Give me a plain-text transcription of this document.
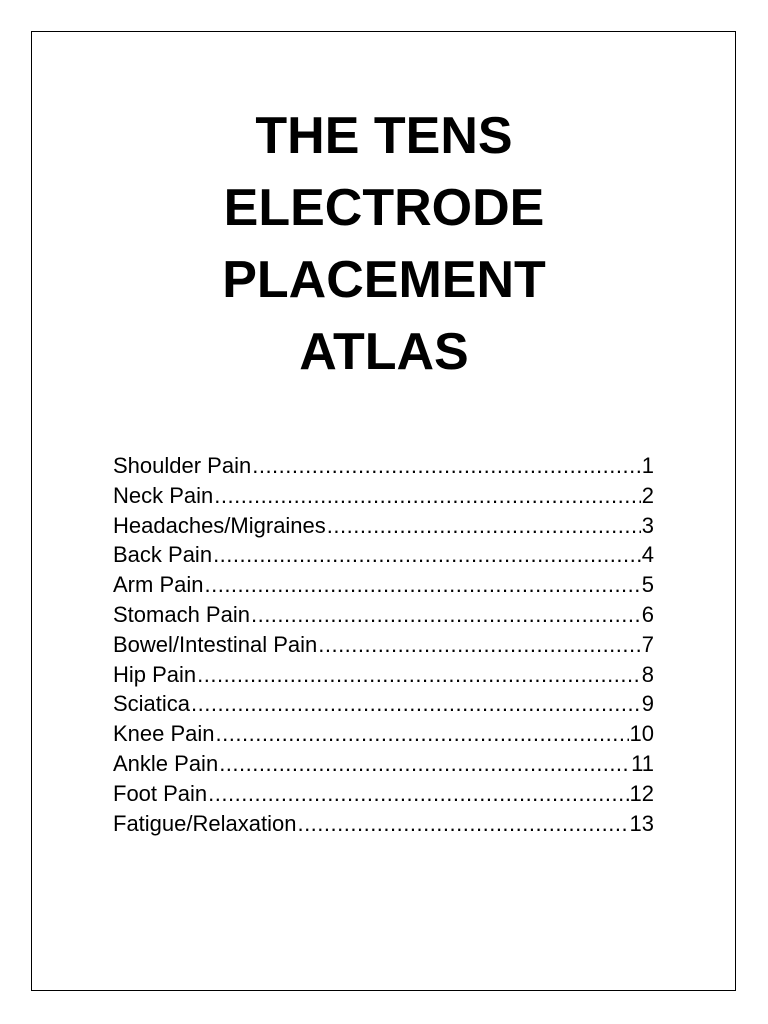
THE TENS
ELECTRODE
PLACEMENT
ATLAS
Shoulder Pain .....	1
Neck Pain .....	2
Headaches/Migraines .....	3
Back Pain .....	4
Arm Pain .....	5
Stomach Pain .....	6
Bowel/Intestinal Pain .....	7
Hip Pain .....	8
Sciatica .....	9
Knee Pain .....	10
Ankle Pain .....	11
Foot Pain .....	12
Fatigue/Relaxation .....	13
